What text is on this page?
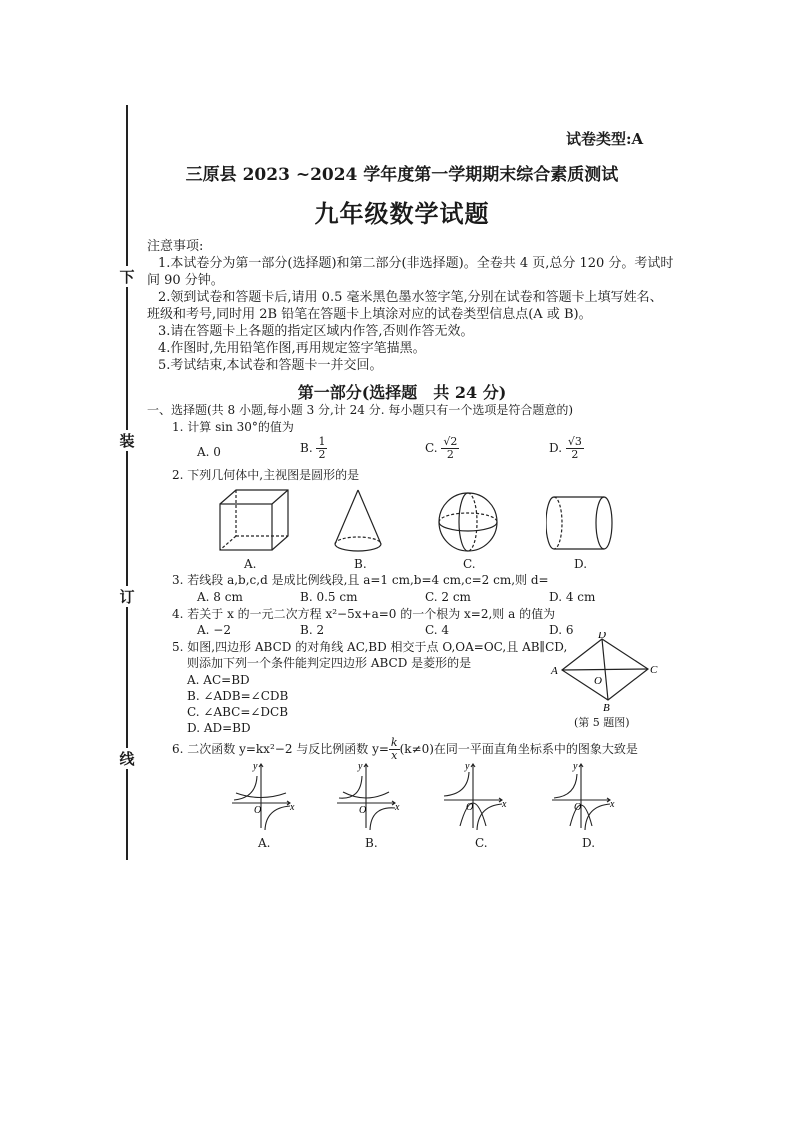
下
装
订
线
试卷类型:A
三原县 2023 ~2024 学年度第一学期期末综合素质测试
九年级数学试题
注意事项:
1.本试卷分为第一部分(选择题)和第二部分(非选择题)。全卷共 4 页,总分 120 分。考试时
间 90 分钟。
2.领到试卷和答题卡后,请用 0.5 毫米黑色墨水签字笔,分别在试卷和答题卡上填写姓名、
班级和考号,同时用 2B 铅笔在答题卡上填涂对应的试卷类型信息点(A 或 B)。
3.请在答题卡上各题的指定区域内作答,否则作答无效。
4.作图时,先用铅笔作图,再用规定签字笔描黑。
5.考试结束,本试卷和答题卡一并交回。
第一部分(选择题　共 24 分)
一、选择题(共 8 小题,每小题 3 分,计 24 分. 每小题只有一个选项是符合题意的)
1. 计算 sin 30°的值为
A. 0	B. $\frac{1}{2}$	C. $\frac{√2}{2}$	D. $\frac{√3}{2}$
2. 下列几何体中,主视图是圆形的是
A.	B.	C.	D.
3. 若线段 a,b,c,d 是成比例线段,且 a=1 cm,b=4 cm,c=2 cm,则 d=
A. 8 cm	B. 0.5 cm	C. 2 cm	D. 4 cm
4. 若关于 x 的一元二次方程 x²−5x+a=0 的一个根为 x=2,则 a 的值为
A. −2	B. 2	C. 4	D. 6
5. 如图,四边形 ABCD 的对角线 AC,BD 相交于点 O,OA=OC,且 AB∥CD,
则添加下列一个条件能判定四边形 ABCD 是菱形的是
A. AC=BD
B. ∠ADB=∠CDB
C. ∠ABC=∠DCB
D. AD=BD
D
A	C
O
B
(第 5 题图)
6. 二次函数 y=kx²−2 与反比例函数 $y= \frac{k}{x} (k\ne 0)$在同一平面直角坐标系中的图象大致是
y
x
O
y
x
O
y
x
O
y
x
O
A.	B.	C.	D.
